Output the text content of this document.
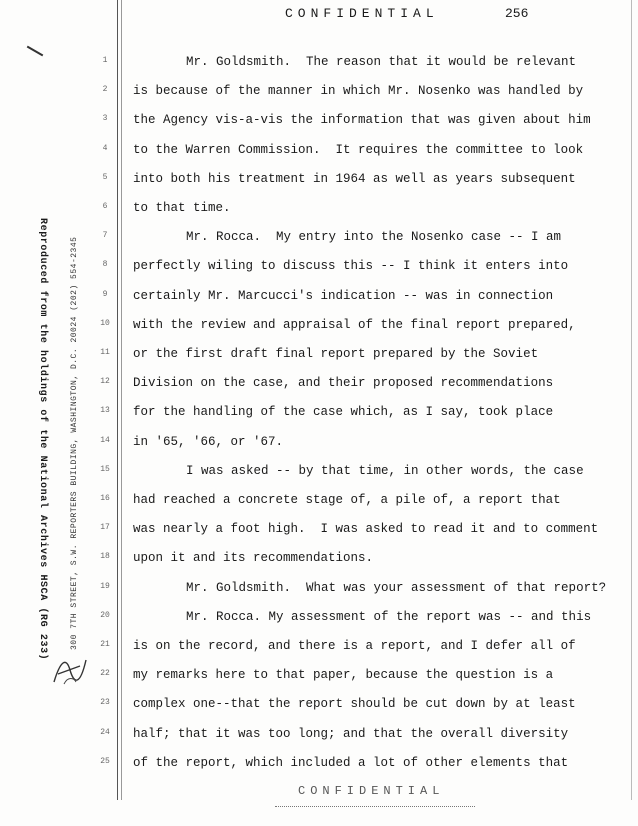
CONFIDENTIAL	256
Reproduced from the holdings of the National Archives HSCA (RG 233)	300 7TH STREET, S.W. REPORTERS BUILDING, WASHINGTON, D.C. 20024 (202) 554-2345
1
2
3
4
5
6
7
8
9
10
11
12
13
14
15
16
17
18
19
20
21
22
23
24
25
Mr. Goldsmith.  The reason that it would be relevant
is because of the manner in which Mr. Nosenko was handled by
the Agency vis-a-vis the information that was given about him
to the Warren Commission.  It requires the committee to look
into both his treatment in 1964 as well as years subsequent
to that time.
Mr. Rocca.  My entry into the Nosenko case -- I am
perfectly wiling to discuss this -- I think it enters into
certainly Mr. Marcucci's indication -- was in connection
with the review and appraisal of the final report prepared,
or the first draft final report prepared by the Soviet
Division on the case, and their proposed recommendations
for the handling of the case which, as I say, took place
in '65, '66, or '67.
I was asked -- by that time, in other words, the case
had reached a concrete stage of, a pile of, a report that
was nearly a foot high.  I was asked to read it and to comment
upon it and its recommendations.
Mr. Goldsmith.  What was your assessment of that report?
Mr. Rocca. My assessment of the report was -- and this
is on the record, and there is a report, and I defer all of
my remarks here to that paper, because the question is a
complex one--that the report should be cut down by at least
half; that it was too long; and that the overall diversity
of the report, which included a lot of other elements that
CONFIDENTIAL
